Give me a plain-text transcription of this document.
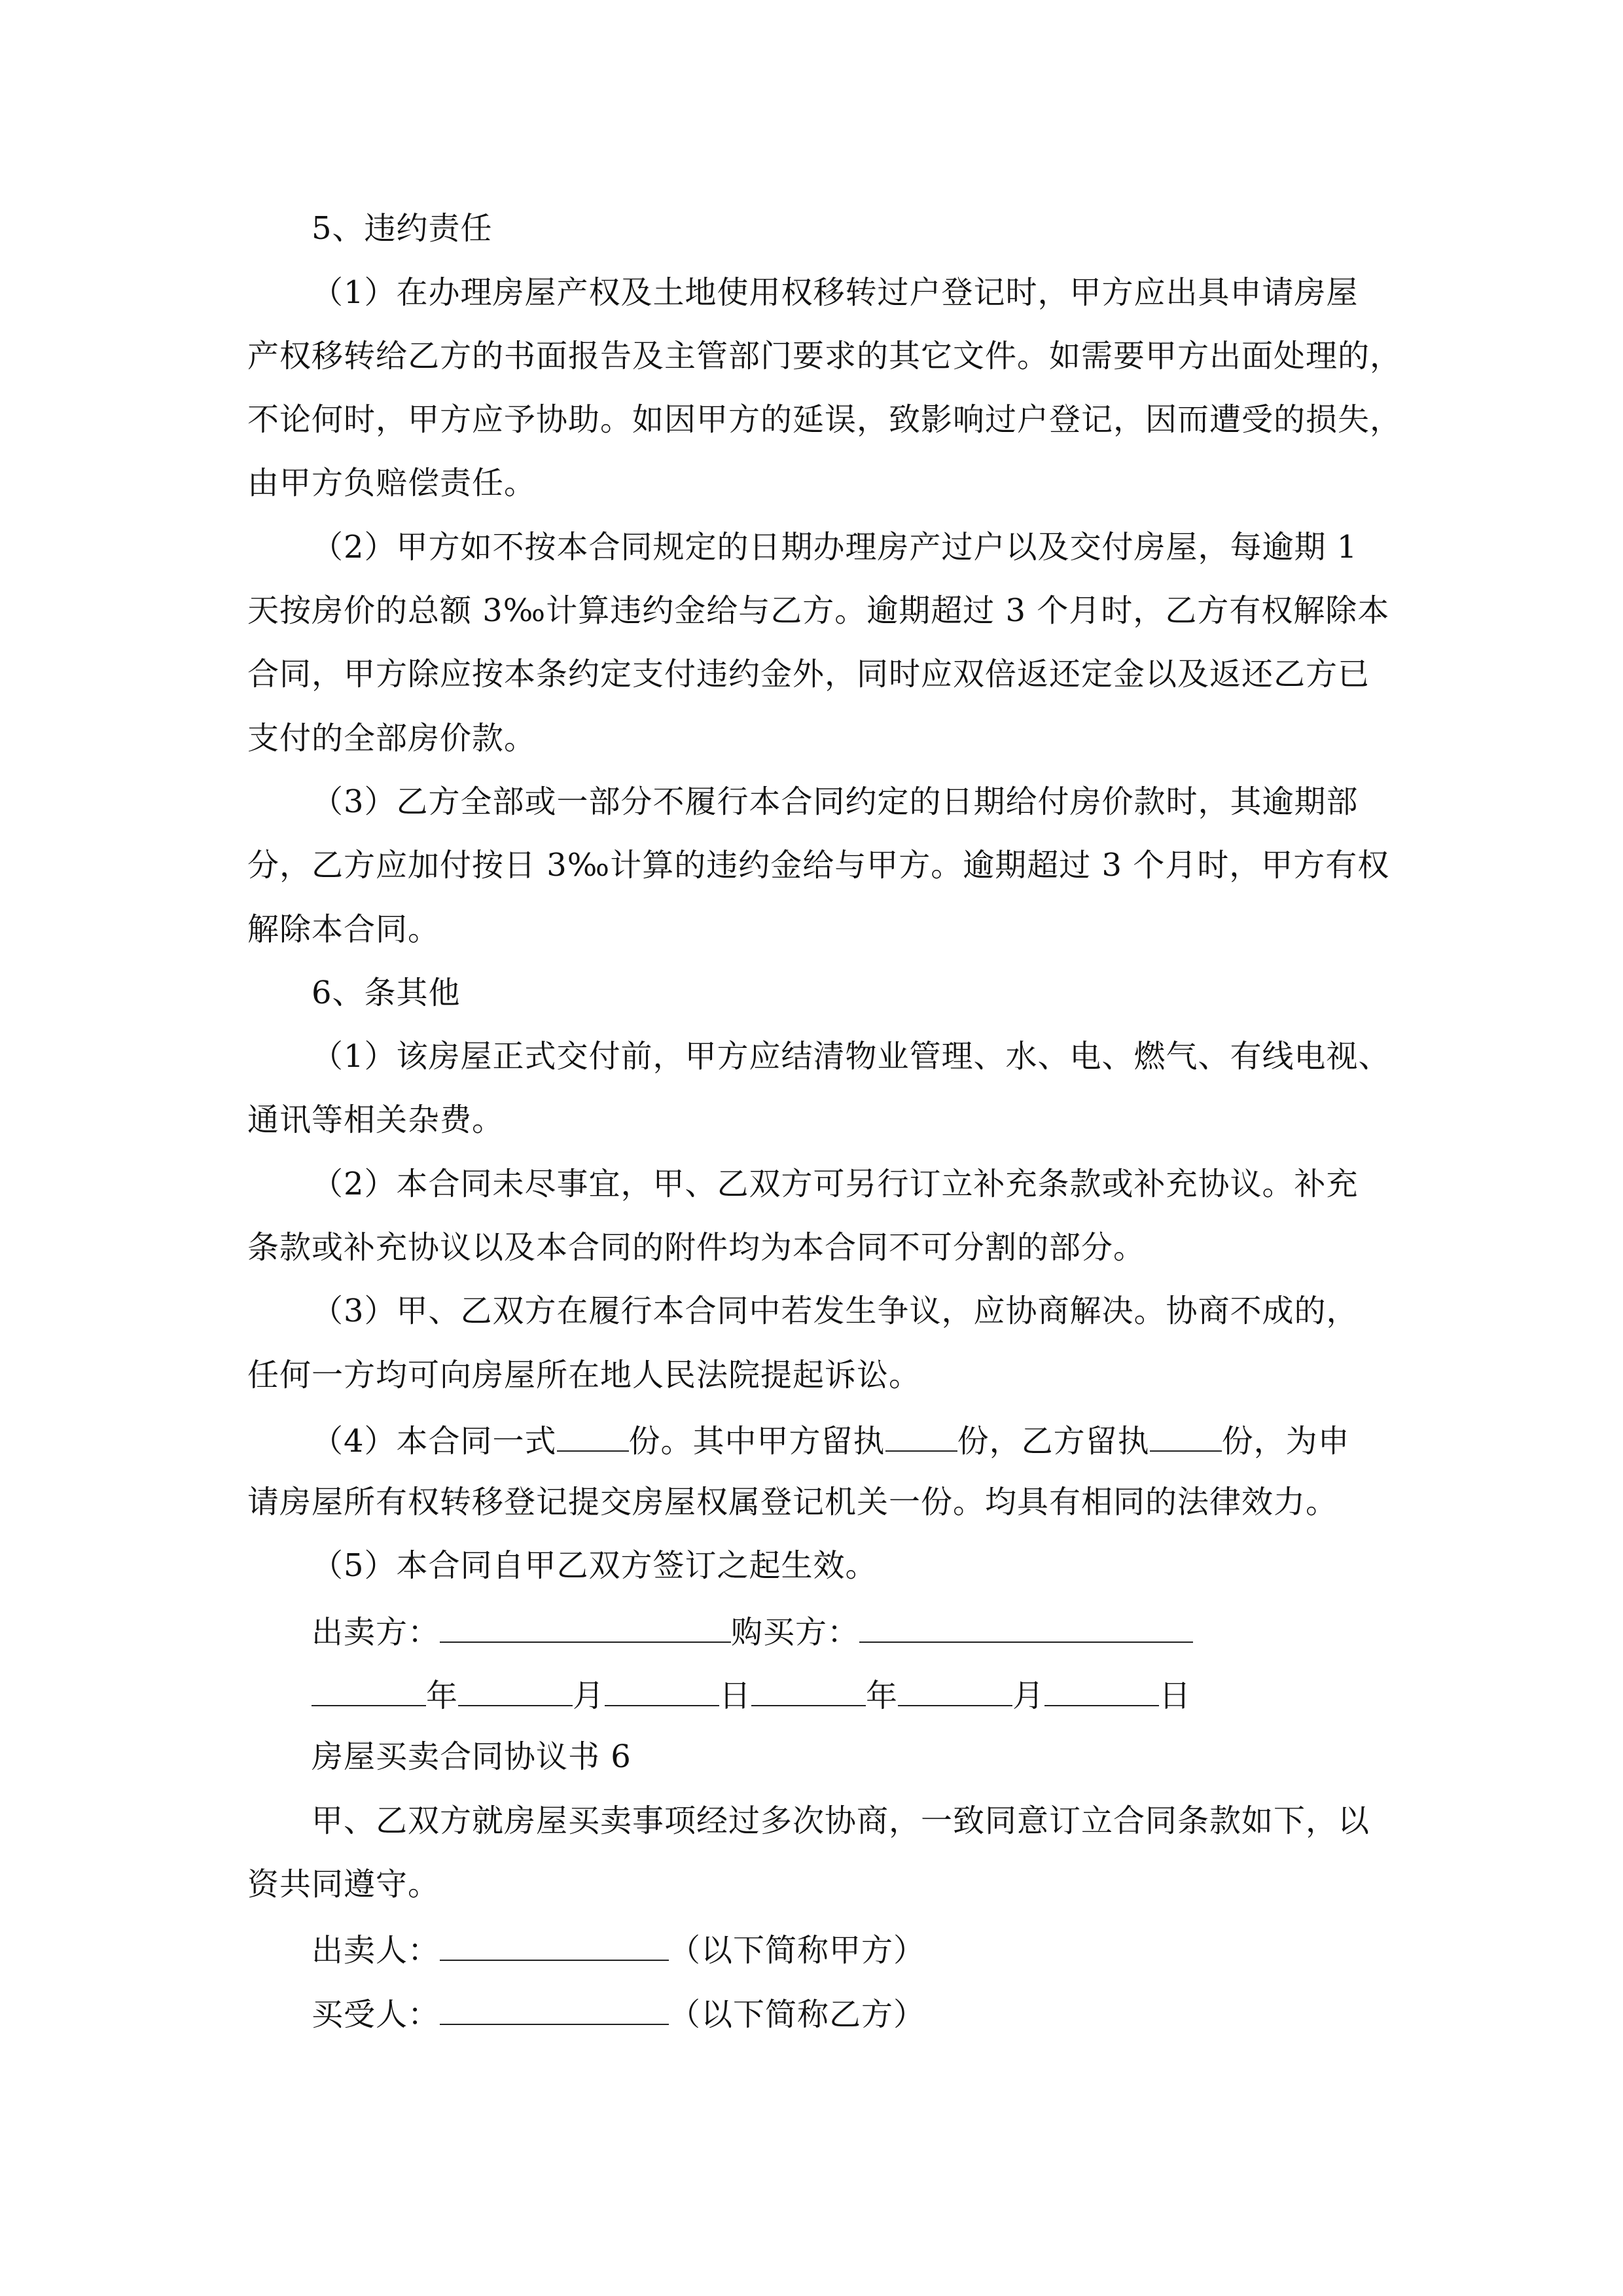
5、违约责任
（1）在办理房屋产权及土地使用权移转过户登记时，甲方应出具申请房屋
产权移转给乙方的书面报告及主管部门要求的其它文件。如需要甲方出面处理的，
不论何时，甲方应予协助。如因甲方的延误，致影响过户登记，因而遭受的损失，
由甲方负赔偿责任。
（2）甲方如不按本合同规定的日期办理房产过户以及交付房屋，每逾期 1
天按房价的总额 3‰计算违约金给与乙方。逾期超过 3 个月时，乙方有权解除本
合同，甲方除应按本条约定支付违约金外，同时应双倍返还定金以及返还乙方已
支付的全部房价款。
（3）乙方全部或一部分不履行本合同约定的日期给付房价款时，其逾期部
分，乙方应加付按日 3‰计算的违约金给与甲方。逾期超过 3 个月时，甲方有权
解除本合同。
6、条其他
（1）该房屋正式交付前，甲方应结清物业管理、水、电、燃气、有线电视、
通讯等相关杂费。
（2）本合同未尽事宜，甲、乙双方可另行订立补充条款或补充协议。补充
条款或补充协议以及本合同的附件均为本合同不可分割的部分。
（3）甲、乙双方在履行本合同中若发生争议，应协商解决。协商不成的，
任何一方均可向房屋所在地人民法院提起诉讼。
（4）本合同一式 份。其中甲方留执 份，乙方留执 份，为申
请房屋所有权转移登记提交房屋权属登记机关一份。均具有相同的法律效力。
（5）本合同自甲乙双方签订之起生效。
出卖方：	购买方：
年	月	日	年	月	日
房屋买卖合同协议书 6
甲、乙双方就房屋买卖事项经过多次协商，一致同意订立合同条款如下，以
资共同遵守。
出卖人：	（以下简称甲方）
买受人：	（以下简称乙方）
